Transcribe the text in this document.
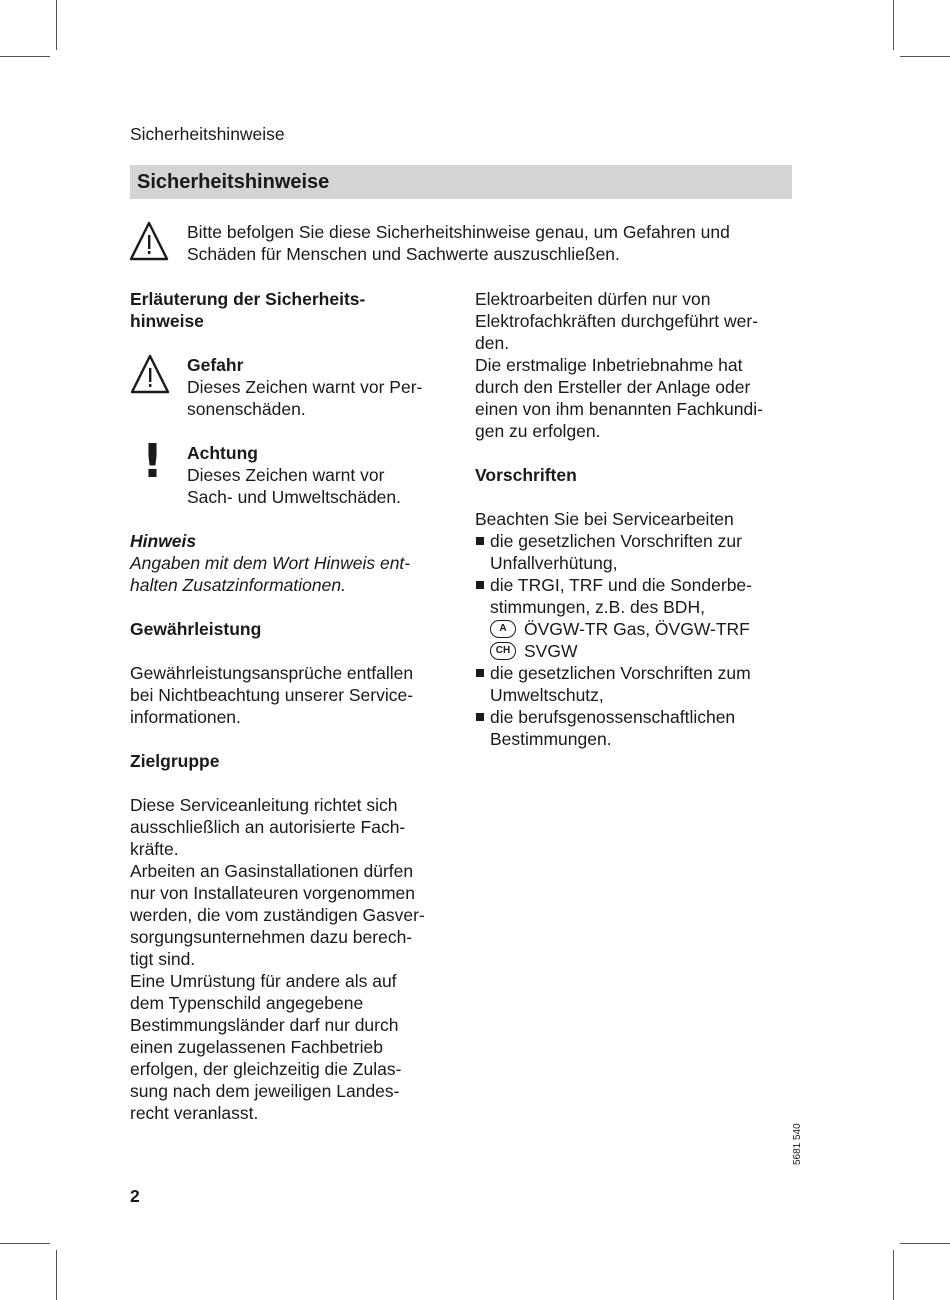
Sicherheitshinweise
Sicherheitshinweise
Bitte befolgen Sie diese Sicherheitshinweise genau, um Gefahren und
Schäden für Menschen und Sachwerte auszuschließen.
Erläuterung der Sicherheits-
hinweise
Gefahr
Dieses Zeichen warnt vor Per-
sonenschäden.
! Achtung
Dieses Zeichen warnt vor
Sach- und Umweltschäden.
Hinweis
Angaben mit dem Wort Hinweis ent-
halten Zusatzinformationen.
Gewährleistung
Gewährleistungsansprüche entfallen
bei Nichtbeachtung unserer Service-
informationen.
Zielgruppe
Diese Serviceanleitung richtet sich
ausschließlich an autorisierte Fach-
kräfte.
Arbeiten an Gasinstallationen dürfen
nur von Installateuren vorgenommen
werden, die vom zuständigen Gasver-
sorgungsunternehmen dazu berech-
tigt sind.
Eine Umrüstung für andere als auf
dem Typenschild angegebene
Bestimmungsländer darf nur durch
einen zugelassenen Fachbetrieb
erfolgen, der gleichzeitig die Zulas-
sung nach dem jeweiligen Landes-
recht veranlasst.
Elektroarbeiten dürfen nur von
Elektrofachkräften durchgeführt wer-
den.
Die erstmalige Inbetriebnahme hat
durch den Ersteller der Anlage oder
einen von ihm benannten Fachkundi-
gen zu erfolgen.
Vorschriften
Beachten Sie bei Servicearbeiten
die gesetzlichen Vorschriften zur
Unfallverhütung,
die TRGI, TRF und die Sonderbe-
stimmungen, z.B. des BDH,
A ÖVGW-TR Gas, ÖVGW-TRF
CH SVGW
die gesetzlichen Vorschriften zum
Umweltschutz,
die berufsgenossenschaftlichen
Bestimmungen.
5681 540
2
